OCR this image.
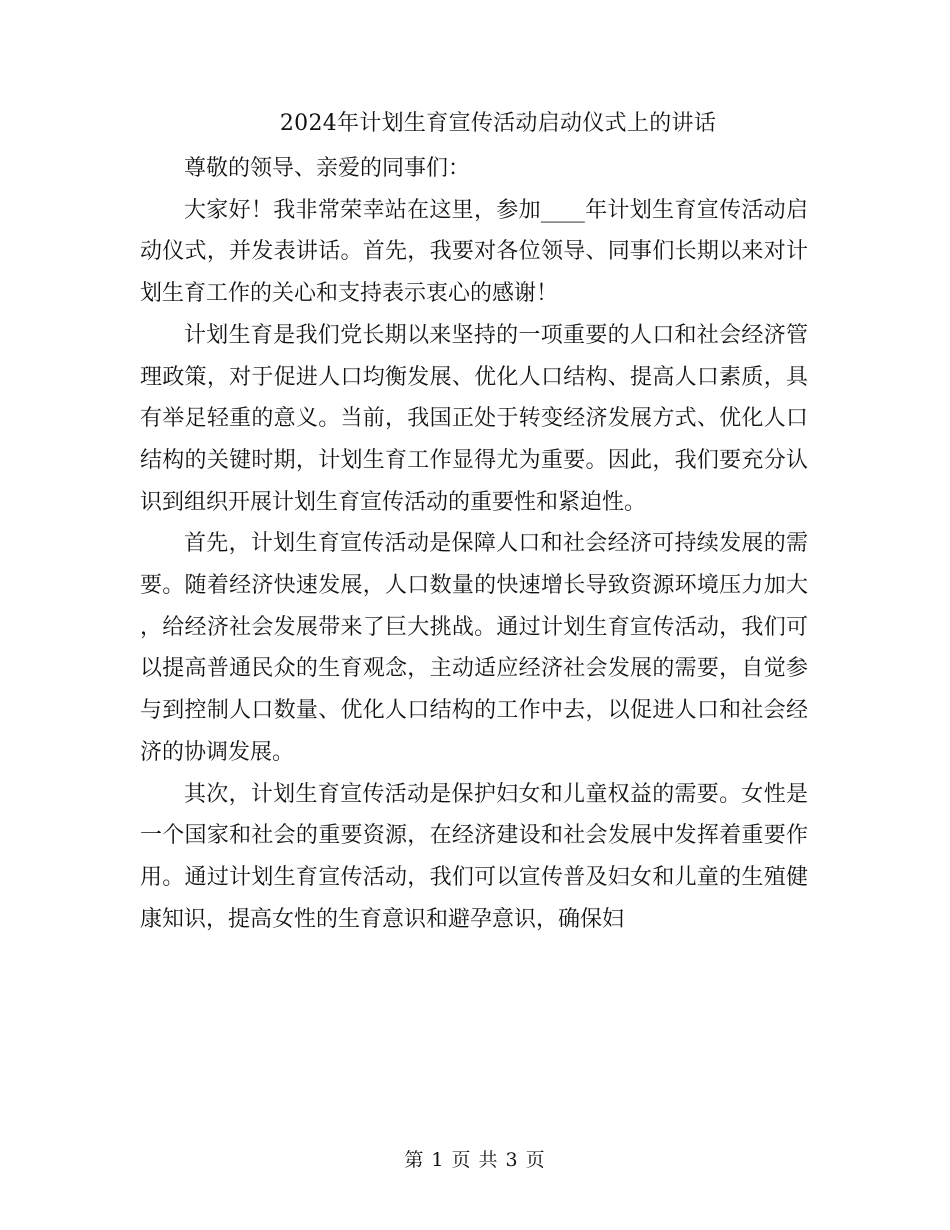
2024年计划生育宣传活动启动仪式上的讲话

尊敬的领导、亲爱的同事们：

大家好！我非常荣幸站在这里，参加____年计划生育宣传活动启动仪式，并发表讲话。首先，我要对各位领导、同事们长期以来对计划生育工作的关心和支持表示衷心的感谢！

计划生育是我们党长期以来坚持的一项重要的人口和社会经济管理政策，对于促进人口均衡发展、优化人口结构、提高人口素质，具有举足轻重的意义。当前，我国正处于转变经济发展方式、优化人口结构的关键时期，计划生育工作显得尤为重要。因此，我们要充分认识到组织开展计划生育宣传活动的重要性和紧迫性。

首先，计划生育宣传活动是保障人口和社会经济可持续发展的需要。随着经济快速发展，人口数量的快速增长导致资源环境压力加大，给经济社会发展带来了巨大挑战。通过计划生育宣传活动，我们可以提高普通民众的生育观念，主动适应经济社会发展的需要，自觉参与到控制人口数量、优化人口结构的工作中去，以促进人口和社会经济的协调发展。

其次，计划生育宣传活动是保护妇女和儿童权益的需要。女性是一个国家和社会的重要资源，在经济建设和社会发展中发挥着重要作用。通过计划生育宣传活动，我们可以宣传普及妇女和儿童的生殖健康知识，提高女性的生育意识和避孕意识，确保妇

第 1 页 共 3 页
